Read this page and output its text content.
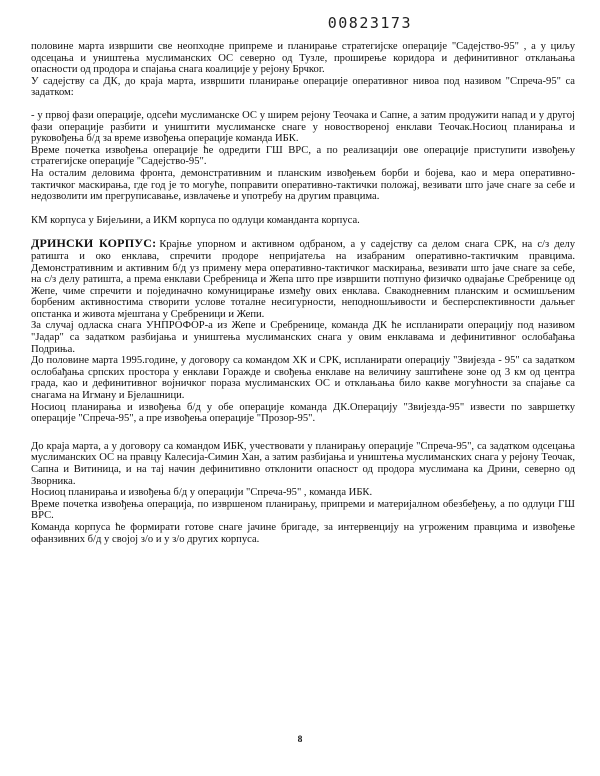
00823173

половине марта извршити све неопходне припреме и планирање стратегијске операције "Садејство-95" , а у циљу одсецања и уништења муслиманских ОС северно од Тузле, проширење коридора и дефинитивног отклањања опасности од продора и спајања снага коалиције у рејону Брчког.

У садејству са ДК, до краја марта, извршити планирање операције оперативног нивоа под називом "Спреча-95" са задатком:

- у првој фази операције, одсећи муслиманске ОС у ширем рејону Теочака и Сапне, а затим продужити напад и у другој фази операције разбити и уништити муслиманске снаге у новоствореној енклави Теочак.Носиоц планирања и руковођења б/д за време извођења операције команда ИБК.

Време почетка извођења операције ће одредити ГШ ВРС, а по реализацији ове операције приступити извођењу стратегијске операције "Садејство-95".

На осталим деловима фронта, демонстративним и планским извођењем борби и бојева, као и мера оперативно-тактичког маскирања, где год је то могуће, поправити оперативно-тактички положај, везивати што јаче снаге за себе и недозволити им прегруписавање, извлачење и употребу на другим правцима.

КМ корпуса у Бијељини, а ИКМ корпуса по одлуци команданта корпуса.

ДРИНСКИ КОРПУС: Крајње упорном и активном одбраном, а у садејству са делом снага СРК, на с/з делу ратишта и око енклава, спречити продоре непријатеља на изабраним оперативно-тактичким правцима. Демонстративним и активним б/д уз примену мера оперативно-тактичког маскирања, везивати што јаче снаге за себе, на с/з делу ратишта, а према енклави Сребреница и Жепа што пре извршити потпуно физичко одвајање Сребренице од Жепе, чиме спречити и појединачно комуницирање између ових енклава. Свакодневним планским и осмишљеним борбеним активностима створити услове тоталне несигурности, неподношљивости и бесперспективности даљњег опстанка и живота мјештана у Сребреници и Жепи.

За случај одласка снага УНПРОФОР-а из Жепе и Сребренице, команда ДК ће испланирати операцију под називом "Јадар" са задатком разбијања и уништења муслиманских снага у овим енклавама и дефинитивног ослобађања Подриња.

До половине марта 1995.године, у договору са командом ХК и СРК, испланирати операцију "Звијезда - 95" са задатком ослобађања српских простора у енклави Горажде и свођења енклаве на величину заштићене зоне од 3 км од центра града, као и дефинитивног војничког пораза муслиманских ОС и отклањања било какве могућности за спајање са снагама на Игману и Бјелашници.

Носиоц планирања и извођења б/д у обе операције команда ДК.Операцију "Звијезда-95" извести по завршетку операције "Спреча-95", а пре извођења операције "Прозор-95".

До краја марта, а у договору са командом ИБК, учествовати у планирању операције "Спреча-95", са задатком одсецања муслиманских ОС на правцу Калесија-Симин Хан, а затим разбијања и уништења муслиманских снага у рејону Теочак, Сапна и Витиница, и на тај начин дефинитивно отклонити опасност од продора муслимана ка Дрини, северно од Зворника.

Носиоц планирања и извођења б/д у операцији "Спреча-95" , команда ИБК.

Време почетка извођења операција, по извршеном планирању, припреми и материјалном обезбеђењу, а по одлуци ГШ ВРС.

Команда корпуса ће формирати готове снаге јачине бригаде, за интервенцију на угроженим правцима и извођење офанзивних б/д у својој з/о и у з/о других корпуса.

8
